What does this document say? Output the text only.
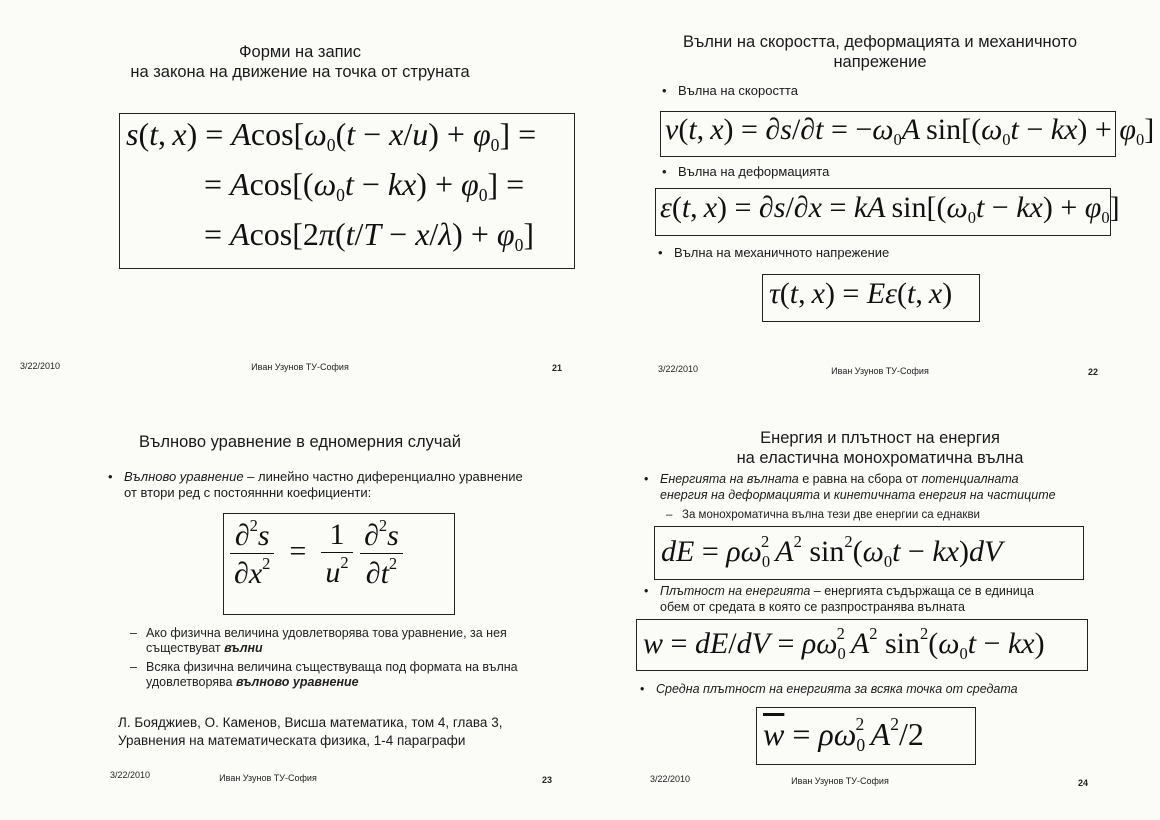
Форми на запис
на закона на движение на точка от струната
s(t, $x) = Acos[\omega_0(t - x/u) + \varphi_0]$ =
= $Acos[(\omega_0t - kx) + \varphi_0]$ =
= $Acos[2\pi(t/T - x/\lambda) + \varphi_0]$
3/22/2010	Иван Узунов ТУ-София	21
Вълни на скоростта, деформацията и механичното
напрежение
• Вълна на скоростта
v(t, $x) = \partial s/\partial t = -\omega_0A$ $\sin[(\omega_0t - kx) + \varphi_0]$
• Вълна на деформацията
ε(t, x) = ∂s/∂x = kA $\sin[(\omega_0t - kx) + \varphi_0]$
• Вълна на механичното напрежение
τ(t, x) = Eε(t, x)
3/22/2010	Иван Узунов ТУ-София	22
Вълново уравнение в едномерния случай
• Вълново уравнение – линейно частно диференциално уравнение
от втори ред с постояннни коефициенти:
$\frac{\partial^2s}{\partial x^2} = \frac{1}{u^2}$
$\frac{\partial^2s}{\partial t^2}$
– Ако физична величина удовлетворява това уравнение, за нея
съществуват вълни
– Всяка физична величина съществуваща под формата на вълна
удовлетворява вълново уравнение
Л. Бояджиев, О. Каменов, Висша математика, том 4, глава 3,
Уравнения на математическата физика, 1-4 параграфи
3/22/2010	Иван Узунов ТУ-София	23
Енергия и плътност на енергия
на еластична монохроматична вълна
• Енергията на вълната е равна на сбора от потенциалната
енергия на деформацията и кинетичната енергия на частиците
– За монохроматична вълна тези две енергии са еднакви
dE = $\rho\omega_0^2$  $A^2$ $\sin^2(\omega_0t - kx)dV$
• Плътност на енергията – енергията съдържаща се в единица
обем от средата в която се разпространява вълната
$w = dE/dV = \rho\omega_0^2$  $A^2$ $\sin^2(\omega_0t - kx)$
• Средна плътност на енергията за всяка точка от средата
$\overline{w} = \rho\omega_0^2$  $A^2/2$
3/22/2010	Иван Узунов ТУ-София	24
